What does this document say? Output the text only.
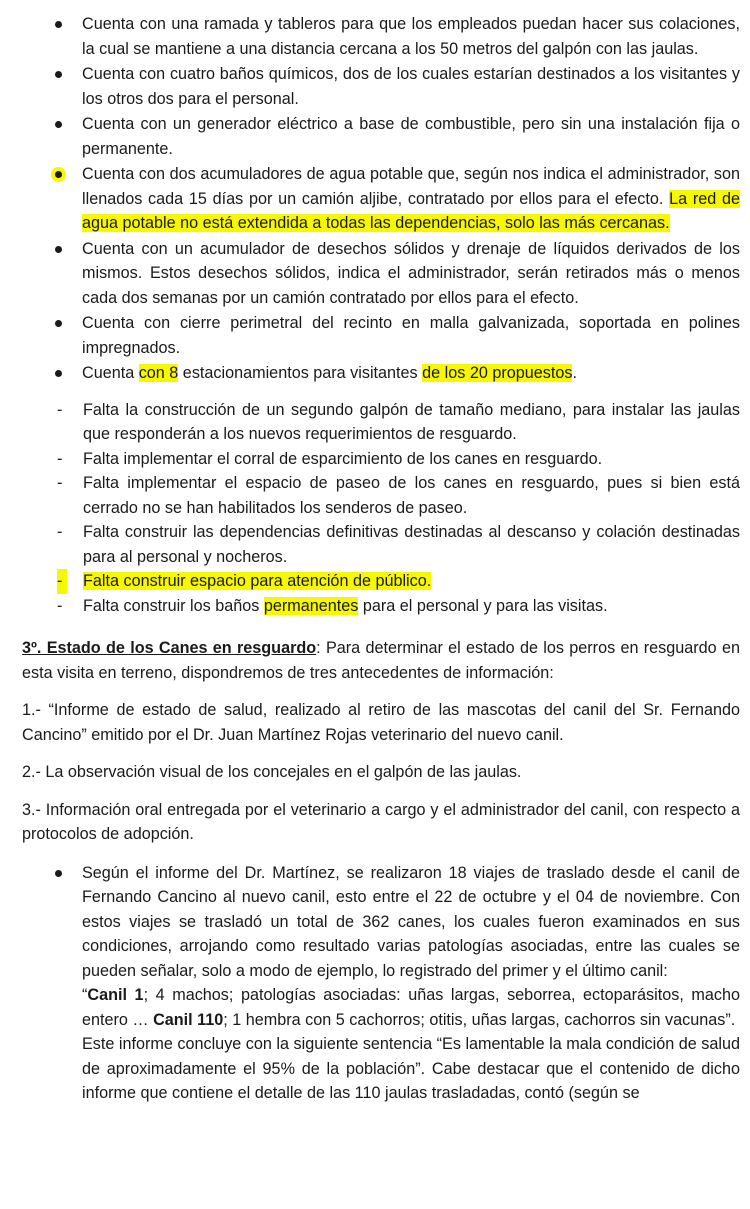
Cuenta con una ramada y tableros para que los empleados puedan hacer sus colaciones, la cual se mantiene a una distancia cercana a los 50 metros del galpón con las jaulas.
Cuenta con cuatro baños químicos, dos de los cuales estarían destinados a los visitantes y los otros dos para el personal.
Cuenta con un generador eléctrico a base de combustible, pero sin una instalación fija o permanente.
Cuenta con dos acumuladores de agua potable que, según nos indica el administrador, son llenados cada 15 días por un camión aljibe, contratado por ellos para el efecto. La red de agua potable no está extendida a todas las dependencias, solo las más cercanas.
Cuenta con un acumulador de desechos sólidos y drenaje de líquidos derivados de los mismos. Estos desechos sólidos, indica el administrador, serán retirados más o menos cada dos semanas por un camión contratado por ellos para el efecto.
Cuenta con cierre perimetral del recinto en malla galvanizada, soportada en polines impregnados.
Cuenta con 8 estacionamientos para visitantes de los 20 propuestos.
- Falta la construcción de un segundo galpón de tamaño mediano, para instalar las jaulas que responderán a los nuevos requerimientos de resguardo.
- Falta implementar el corral de esparcimiento de los canes en resguardo.
- Falta implementar el espacio de paseo de los canes en resguardo, pues si bien está cerrado no se han habilitados los senderos de paseo.
- Falta construir las dependencias definitivas destinadas al descanso y colación destinadas para al personal y nocheros.
- Falta construir espacio para atención de público.
- Falta construir los baños permanentes para el personal y para las visitas.

3º. Estado de los Canes en resguardo: Para determinar el estado de los perros en resguardo en esta visita en terreno, dispondremos de tres antecedentes de información:

1.- “Informe de estado de salud, realizado al retiro de las mascotas del canil del Sr. Fernando Cancino” emitido por el Dr. Juan Martínez Rojas veterinario del nuevo canil.

2.- La observación visual de los concejales en el galpón de las jaulas.

3.- Información oral entregada por el veterinario a cargo y el administrador del canil, con respecto a protocolos de adopción.

Según el informe del Dr. Martínez, se realizaron 18 viajes de traslado desde el canil de Fernando Cancino al nuevo canil, esto entre el 22 de octubre y el 04 de noviembre. Con estos viajes se trasladó un total de 362 canes, los cuales fueron examinados en sus condiciones, arrojando como resultado varias patologías asociadas, entre las cuales se pueden señalar, solo a modo de ejemplo, lo registrado del primer y el último canil:
“Canil 1; 4 machos; patologías asociadas: uñas largas, seborrea, ectoparásitos, macho entero … Canil 110; 1 hembra con 5 cachorros; otitis, uñas largas, cachorros sin vacunas”.
Este informe concluye con la siguiente sentencia “Es lamentable la mala condición de salud de aproximadamente el 95% de la población”. Cabe destacar que el contenido de dicho informe que contiene el detalle de las 110 jaulas trasladadas, contó (según se
